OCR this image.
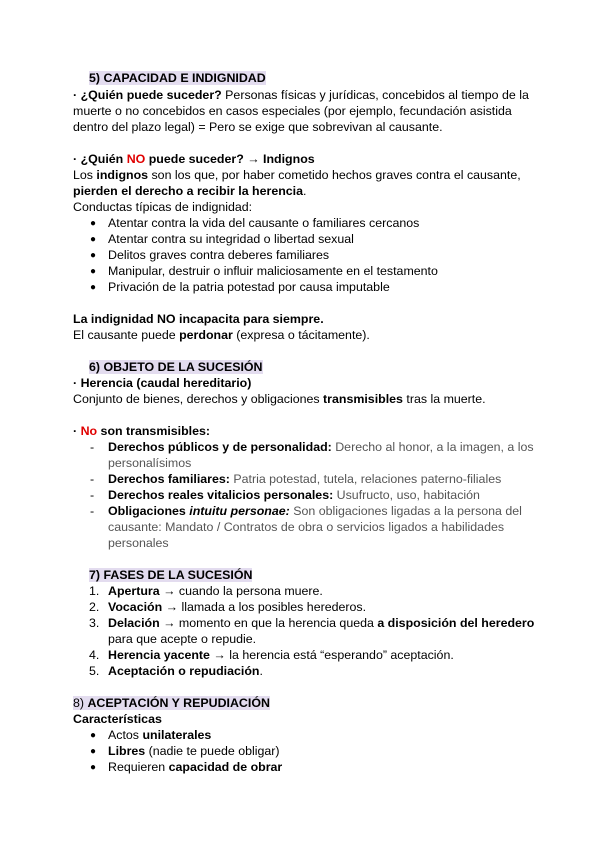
5) CAPACIDAD E INDIGNIDAD
· ¿Quién puede suceder? Personas físicas y jurídicas, concebidos al tiempo de la
muerte o no concebidos en casos especiales (por ejemplo, fecundación asistida
dentro del plazo legal) = Pero se exige que sobrevivan al causante.
· ¿Quién NO puede suceder? → Indignos
Los indignos son los que, por haber cometido hechos graves contra el causante,
pierden el derecho a recibir la herencia.
Conductas típicas de indignidad:
● Atentar contra la vida del causante o familiares cercanos
● Atentar contra su integridad o libertad sexual
● Delitos graves contra deberes familiares
● Manipular, destruir o influir maliciosamente en el testamento
● Privación de la patria potestad por causa imputable
La indignidad NO incapacita para siempre.
El causante puede perdonar (expresa o tácitamente).
6) OBJETO DE LA SUCESIÓN
· Herencia (caudal hereditario)
Conjunto de bienes, derechos y obligaciones transmisibles tras la muerte.
· No son transmisibles:
- Derechos públicos y de personalidad: Derecho al honor, a la imagen, a los
personalísimos
- Derechos familiares: Patria potestad, tutela, relaciones paterno-filiales
- Derechos reales vitalicios personales: Usufructo, uso, habitación
- Obligaciones intuitu personae: Son obligaciones ligadas a la persona del
causante: Mandato / Contratos de obra o servicios ligados a habilidades
personales
7) FASES DE LA SUCESIÓN
1. Apertura → cuando la persona muere.
2. Vocación → llamada a los posibles herederos.
3. Delación → momento en que la herencia queda a disposición del heredero
para que acepte o repudie.
4. Herencia yacente → la herencia está “esperando” aceptación.
5. Aceptación o repudiación.
8) ACEPTACIÓN Y REPUDIACIÓN
Características
● Actos unilaterales
● Libres (nadie te puede obligar)
● Requieren capacidad de obrar
